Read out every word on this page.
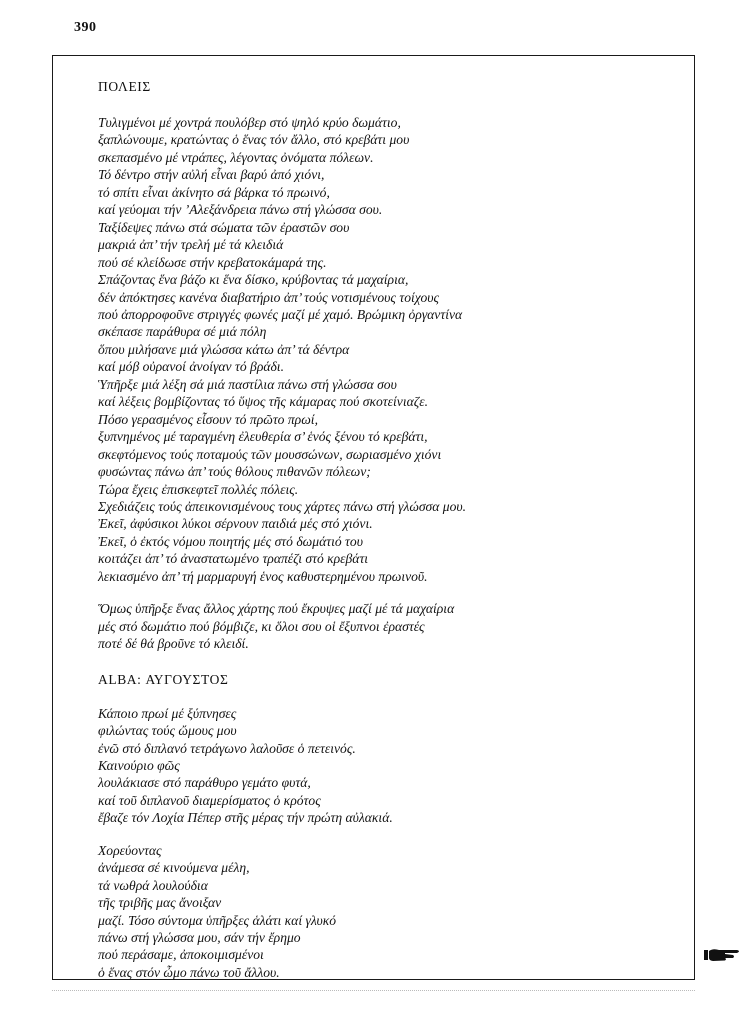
390
ΠΟΛΕΙΣ
Τυλιγμένοι μέ χοντρά πουλόβερ στό ψηλό κρύο δωμάτιο,
ξαπλώνουμε, κρατώντας ὁ ἕνας τόν ἄλλο, στό κρεβάτι μου
σκεπασμένο μέ ντράπες, λέγοντας ὀνόματα πόλεων.
Τό δέντρο στήν αὐλή εἶναι βαρύ ἀπό χιόνι,
τό σπίτι εἶναι ἀκίνητο σά βάρκα τό πρωινό,
καί γεύομαι τήν ’Αλεξάνδρεια πάνω στή γλώσσα σου.
Ταξίδεψες πάνω στά σώματα τῶν ἐραστῶν σου
μακριά ἀπ’ τήν τρελή μέ τά κλειδιά
πού σέ κλείδωσε στήν κρεβατοκάμαρά της.
Σπάζοντας ἕνα βάζο κι ἕνα δίσκο, κρύβοντας τά μαχαίρια,
δέν ἀπόκτησες κανένα διαβατήριο ἀπ’ τούς νοτισμένους τοίχους
πού ἀπορροφοῦνε στριγγές φωνές μαζί μέ χαμό. Βρώμικη ὀργαντίνα
σκέπασε παράθυρα σέ μιά πόλη
ὅπου μιλήσανε μιά γλώσσα κάτω ἀπ’ τά δέντρα
καί μόβ οὐρανοί ἀνοίγαν τό βράδι.
Ὑπῆρξε μιά λέξη σά μιά παστίλια πάνω στή γλώσσα σου
καί λέξεις βομβίζοντας τό ὕψος τῆς κάμαρας πού σκοτείνιαζε.
Πόσο γερασμένος εἶσουν τό πρῶτο πρωί,
ξυπνημένος μέ ταραγμένη ἐλευθερία σ’ ἑνός ξένου τό κρεβάτι,
σκεφτόμενος τούς ποταμούς τῶν μουσσώνων, σωριασμένο χιόνι
φυσώντας πάνω ἀπ’ τούς θόλους πιθανῶν πόλεων;
Τώρα ἔχεις ἐπισκεφτεῖ πολλές πόλεις.
Σχεδιάζεις τούς ἀπεικονισμένους τους χάρτες πάνω στή γλώσσα μου.
Ἐκεῖ, ἀφύσικοι λύκοι σέρνουν παιδιά μές στό χιόνι.
Ἐκεῖ, ὁ ἐκτός νόμου ποιητής μές στό δωμάτιό του
κοιτάζει ἀπ’ τό ἀναστατωμένο τραπέζι στό κρεβάτι
λεκιασμένο ἀπ’ τή μαρμαρυγή ἑνος καθυστερημένου πρωινοῦ.
Ὅμως ὑπῆρξε ἕνας ἄλλος χάρτης πού ἔκρυψες μαζί μέ τά μαχαίρια
μές στό δωμάτιο πού βόμβιζε, κι ὅλοι σου οἱ ἔξυπνοι ἐραστές
ποτέ δέ θά βροῦνε τό κλειδί.
ALBA: ΑΥΓΟΥΣΤΟΣ
Κάποιο πρωί μέ ξύπνησες
φιλώντας τούς ὤμους μου
ἐνῶ στό διπλανό τετράγωνο λαλοῦσε ὁ πετεινός.
Καινούριο φῶς
λουλάκιασε στό παράθυρο γεμάτο φυτά,
καί τοῦ διπλανοῦ διαμερίσματος ὁ κρότος
ἔβαζε τόν Λοχία Πέπερ στῆς μέρας τήν πρώτη αὐλακιά.
Χορεύοντας
ἀνάμεσα σέ κινούμενα μέλη,
τά νωθρά λουλούδια
τῆς τριβῆς μας ἄνοιξαν
μαζί. Τόσο σύντομα ὑπῆρξες ἁλάτι καί γλυκό
πάνω στή γλώσσα μου, σάν τήν ἔρημο
πού περάσαμε, ἀποκοιμισμένοι
ὁ ἕνας στόν ὦμο πάνω τοῦ ἄλλου.
